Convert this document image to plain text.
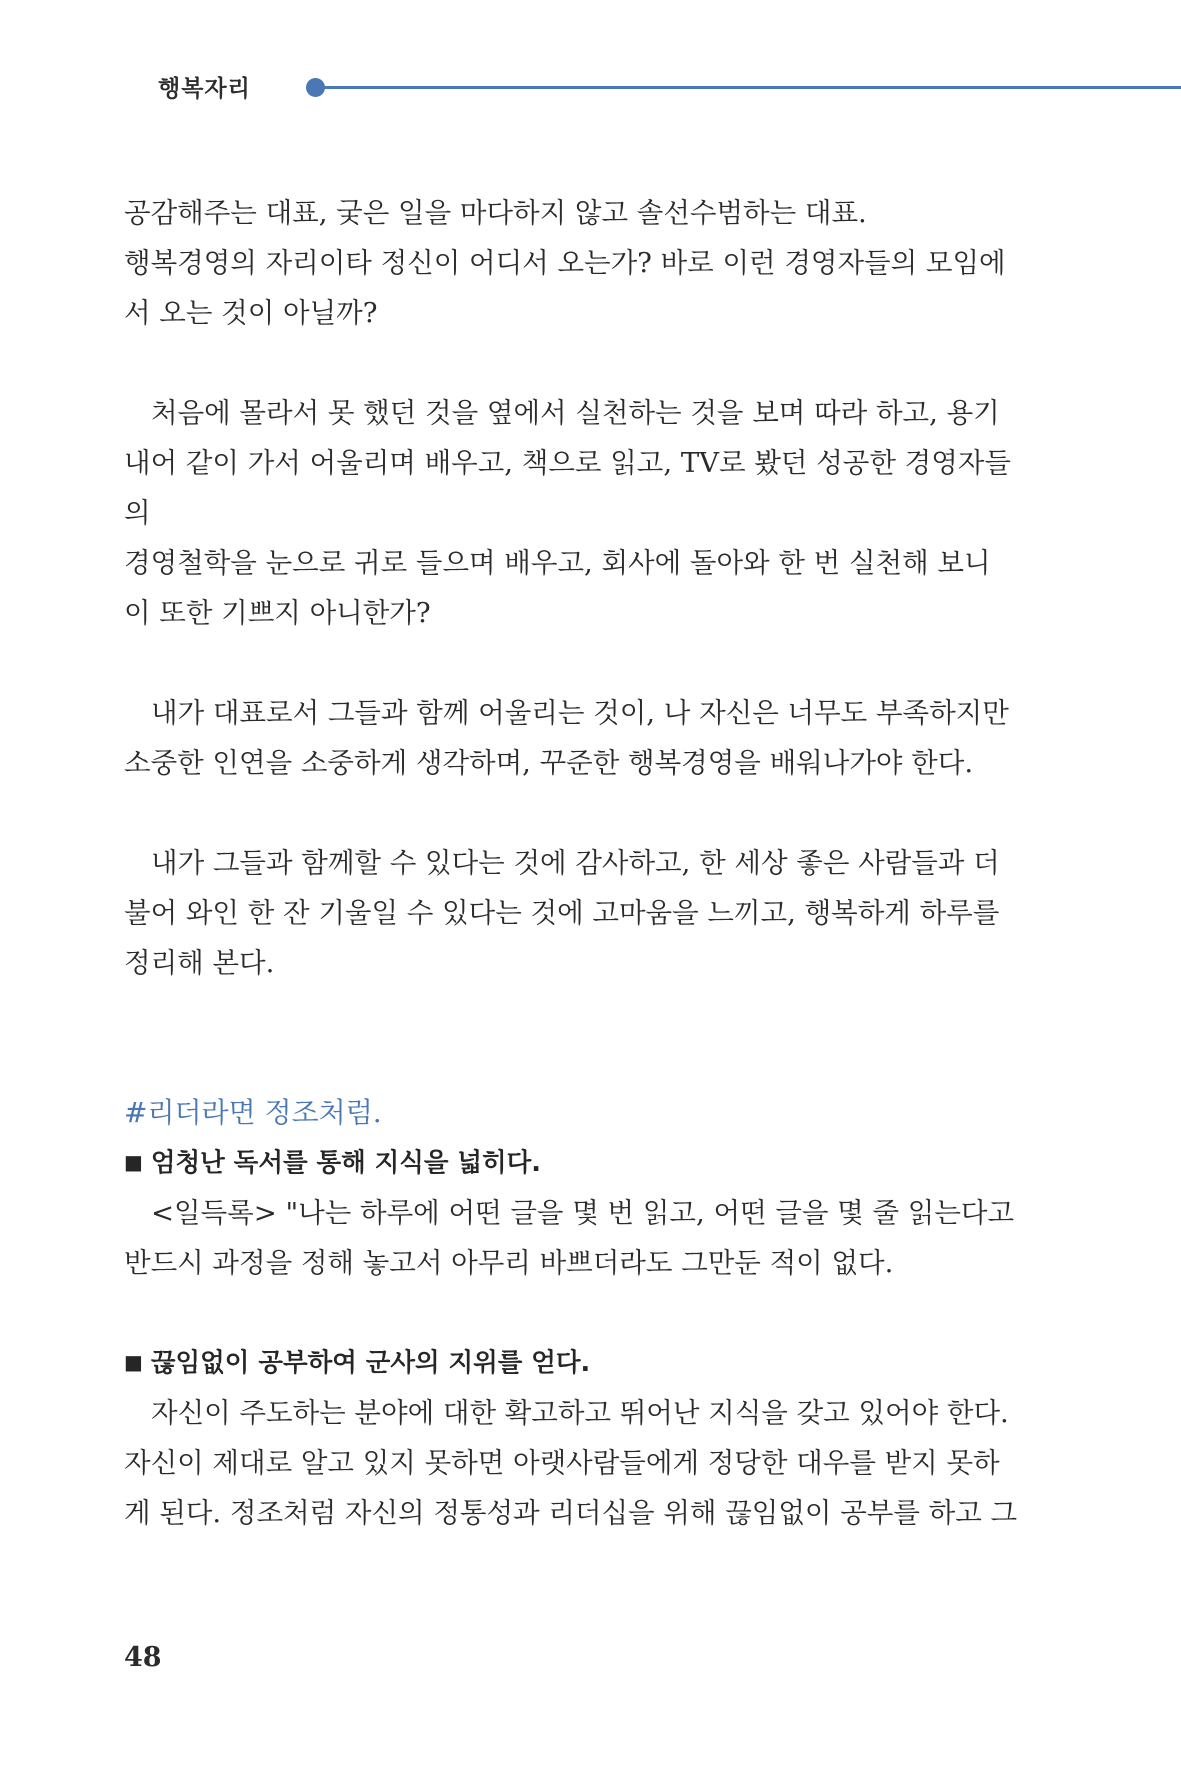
행복자리
공감해주는 대표, 궂은 일을 마다하지 않고 솔선수범하는 대표.
행복경영의 자리이타 정신이 어디서 오는가? 바로 이런 경영자들의 모임에
서 오는 것이 아닐까?
처음에 몰라서 못 했던 것을 옆에서 실천하는 것을 보며 따라 하고, 용기
내어 같이 가서 어울리며 배우고, 책으로 읽고, TV로 봤던 성공한 경영자들
의
경영철학을 눈으로 귀로 들으며 배우고, 회사에 돌아와 한 번 실천해 보니
이 또한 기쁘지 아니한가?
내가 대표로서 그들과 함께 어울리는 것이, 나 자신은 너무도 부족하지만
소중한 인연을 소중하게 생각하며, 꾸준한 행복경영을 배워나가야 한다.
내가 그들과 함께할 수 있다는 것에 감사하고, 한 세상 좋은 사람들과 더
불어 와인 한 잔 기울일 수 있다는 것에 고마움을 느끼고, 행복하게 하루를
정리해 본다.
#리더라면 정조처럼.
■ 엄청난 독서를 통해 지식을 넓히다.
<일득록> "나는 하루에 어떤 글을 몇 번 읽고, 어떤 글을 몇 줄 읽는다고
반드시 과정을 정해 놓고서 아무리 바쁘더라도 그만둔 적이 없다.
■ 끊임없이 공부하여 군사의 지위를 얻다.
자신이 주도하는 분야에 대한 확고하고 뛰어난 지식을 갖고 있어야 한다.
자신이 제대로 알고 있지 못하면 아랫사람들에게 정당한 대우를 받지 못하
게 된다. 정조처럼 자신의 정통성과 리더십을 위해 끊임없이 공부를 하고 그
48
